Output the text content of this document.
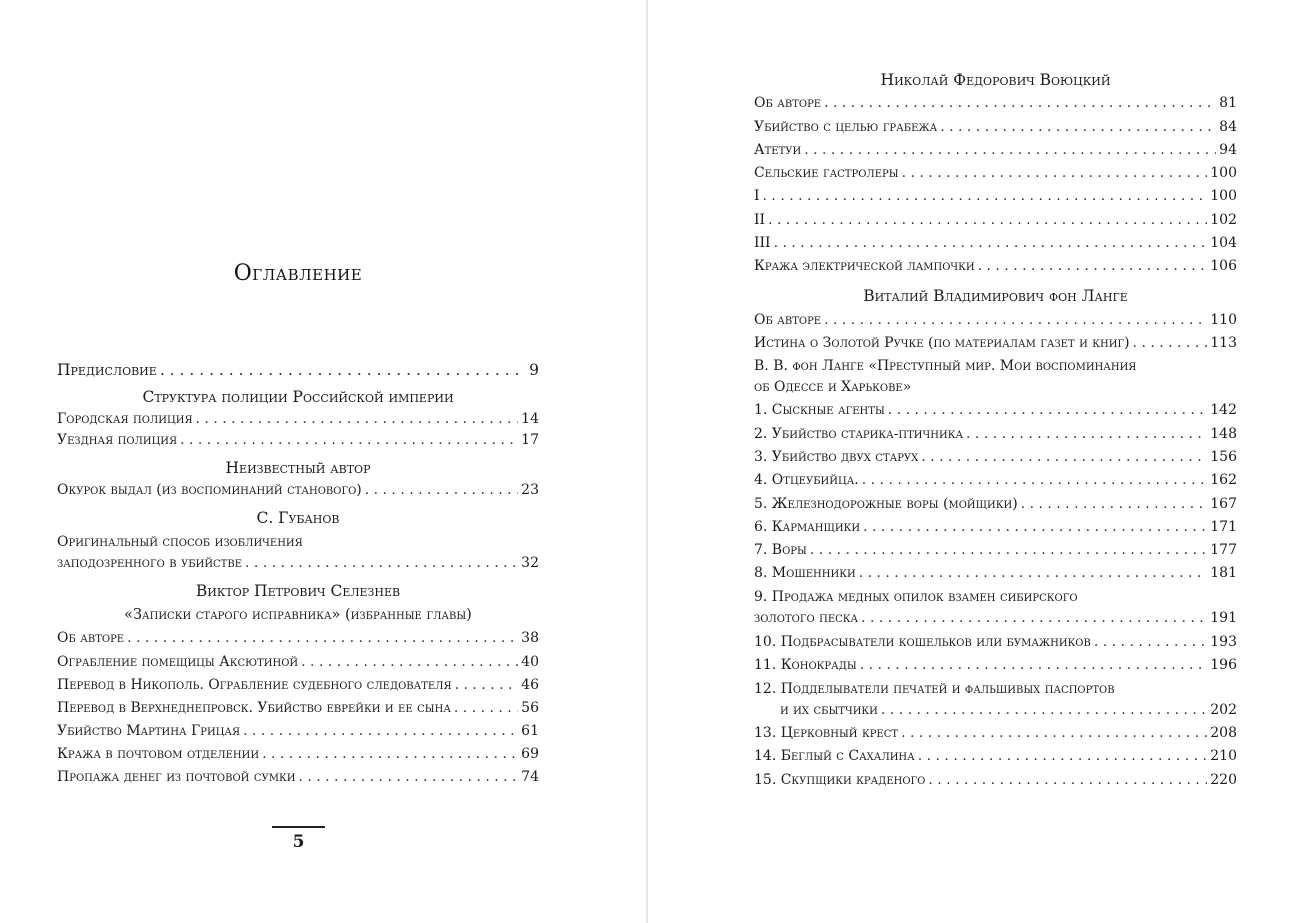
Оглавление
Предисловие . . .	9
Структура полиции Российской империи
Городская полиция . . .	14
Уездная полиция . . .	17
Неизвестный автор
Окурок выдал (из воспоминаний станового) . . .	23
С. Губанов
Оригинальный способ изобличения
заподозренного в убийстве . . .	32
Виктор Петрович Селезнев
«Записки старого исправника» (избранные главы)
Об авторе . . .	38
Ограбление помещицы Аксютиной . . .	40
Перевод в Никополь. Ограбление судебного следователя . . .	46
Перевод в Верхнеднепровск. Убийство еврейки и ее сына . . .	56
Убийство Мартина Грицая . . .	61
Кража в почтовом отделении . . .	69
Пропажа денег из почтовой сумки . . .	74
5
Николай Федорович Воюцкий
Об авторе . . .	81
Убийство с целью грабежа . . .	84
Атетуи . . .	94
Сельские гастролеры . . .	100
I . . .	100
II . . .	102
III . . .	104
Кража электрической лампочки . . .	106
Виталий Владимирович фон Ланге
Об авторе . . .	110
Истина о Золотой Ручке (по материалам газет и книг) . . .	113
В. В. фон Ланге «Преступный мир. Мои воспоминания
об Одессе и Харькове»
1. Сыскные агенты . . .	142
2. Убийство старика-птичника . . .	148
3. Убийство двух старух . . .	156
4. Отцеубийца. . . .	162
5. Железнодорожные воры (мойщики) . . .	167
6. Карманщики . . .	171
7. Воры . . .	177
8. Мошенники . . .	181
9. Продажа медных опилок взамен сибирского
золотого песка . . .	191
10. Подбрасыватели кошельков или бумажников . . .	193
11. Конокрады . . .	196
12. Подделыватели печатей и фальшивых паспортов
и их сбытчики . . .	202
13. Церковный крест . . .	208
14. Беглый с Сахалина . . .	210
15. Скупщики краденого . . .	220
